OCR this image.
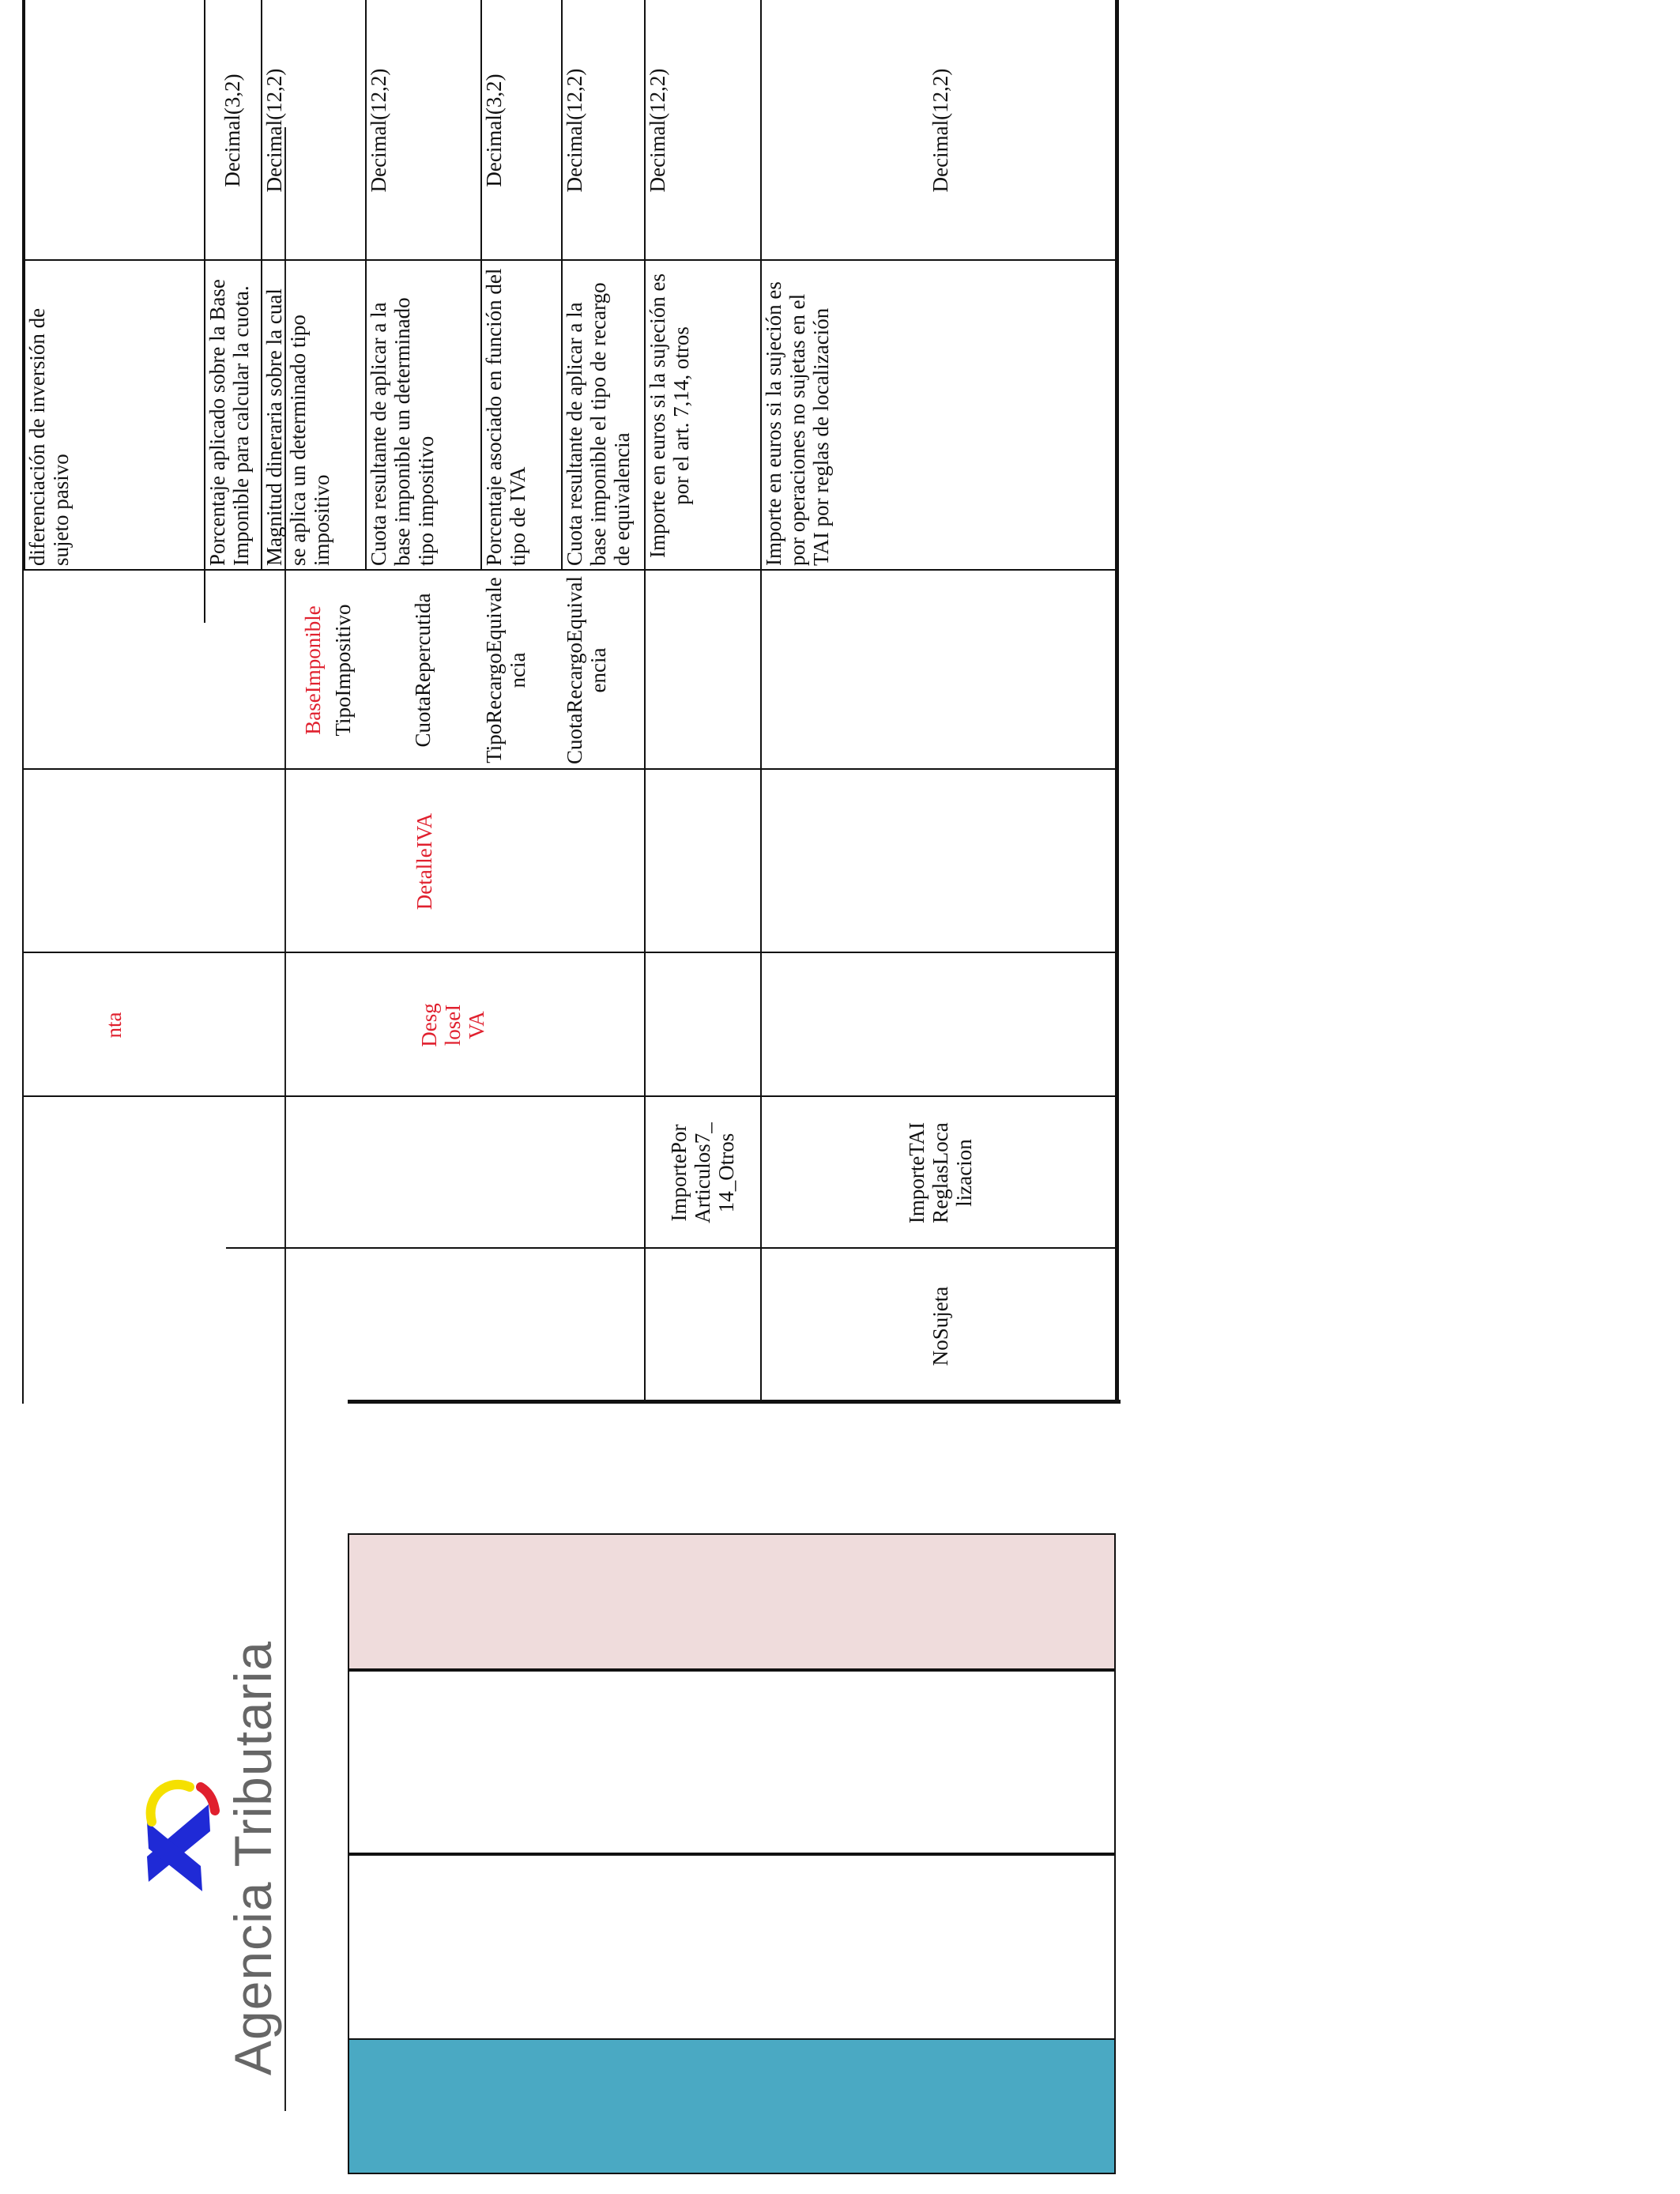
Agencia Tributaria
NoSujeta
ImportePorArticulos7_14_Otros	ImporteTAIReglasLocalizacion
nta	DesgloseIVA
DetalleIVA
diferenciación de inversión de sujeto pasivo
TipoImpositivo
Porcentaje aplicado sobre la Base Imponible para calcular la cuota.
Decimal(3,2)
BaseImponible
Magnitud dineraria sobre la cual se aplica un determinado tipo impositivo
Decimal(12,2)
CuotaRepercutida
Cuota resultante de aplicar a la base imponible un determinado tipo impositivo
Decimal(12,2)
TipoRecargoEquivalencia
Porcentaje asociado en función del tipo de IVA
Decimal(3,2)
CuotaRecargoEquivalencia
Cuota resultante de aplicar a la base imponible el tipo de recargo de equivalencia
Decimal(12,2)
Importe en euros si la sujeción es por el art. 7,14, otros
Decimal(12,2)
Importe en euros si la sujeción es por operaciones no sujetas en el TAI por reglas de localización
Decimal(12,2)
